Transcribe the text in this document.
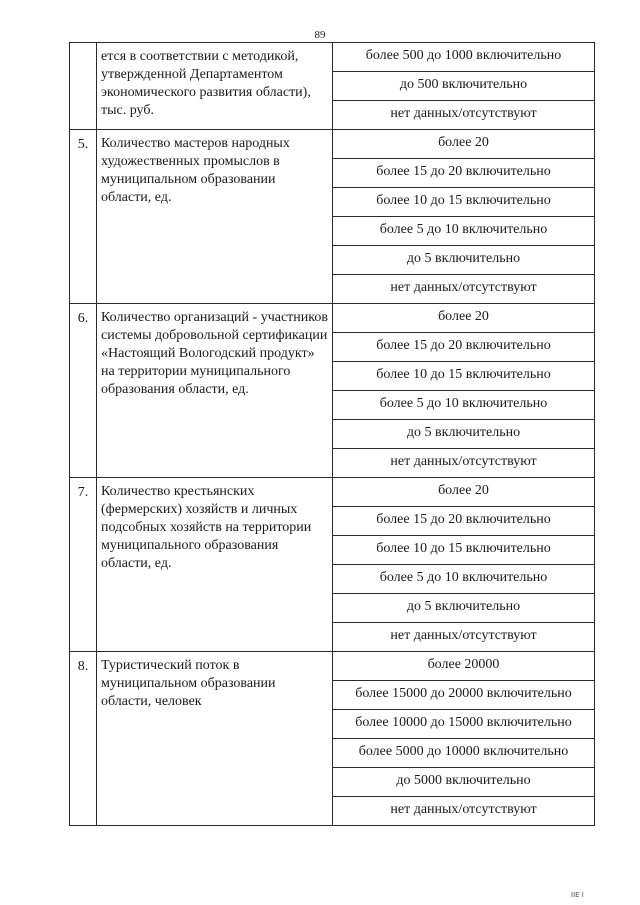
89
	ется в соответствии с методикой, утвержденной Департаментом экономического развития области), тыс. руб.	более 500 до 1000 включительно
		до 500 включительно
		нет данных/отсутствуют
5.	Количество мастеров народных художественных промыслов в муниципальном образовании области, ед.	более 20
		более 15 до 20 включительно
		более 10 до 15 включительно
		более 5 до 10 включительно
		до 5 включительно
		нет данных/отсутствуют
6.	Количество организаций - участников системы добровольной сертификации «Настоящий Вологодский продукт» на территории муниципального образования области, ед.	более 20
		более 15 до 20 включительно
		более 10 до 15 включительно
		более 5 до 10 включительно
		до 5 включительно
		нет данных/отсутствуют
7.	Количество крестьянских (фермерских) хозяйств и личных подсобных хозяйств на территории муниципального образования области, ед.	более 20
		более 15 до 20 включительно
		более 10 до 15 включительно
		более 5 до 10 включительно
		до 5 включительно
		нет данных/отсутствуют
8.	Туристический поток в муниципальном образовании области, человек	более 20000
		более 15000 до 20000 включительно
		более 10000 до 15000 включительно
		более 5000 до 10000 включительно
		до 5000 включительно
		нет данных/отсутствуют
ІІЕ І
